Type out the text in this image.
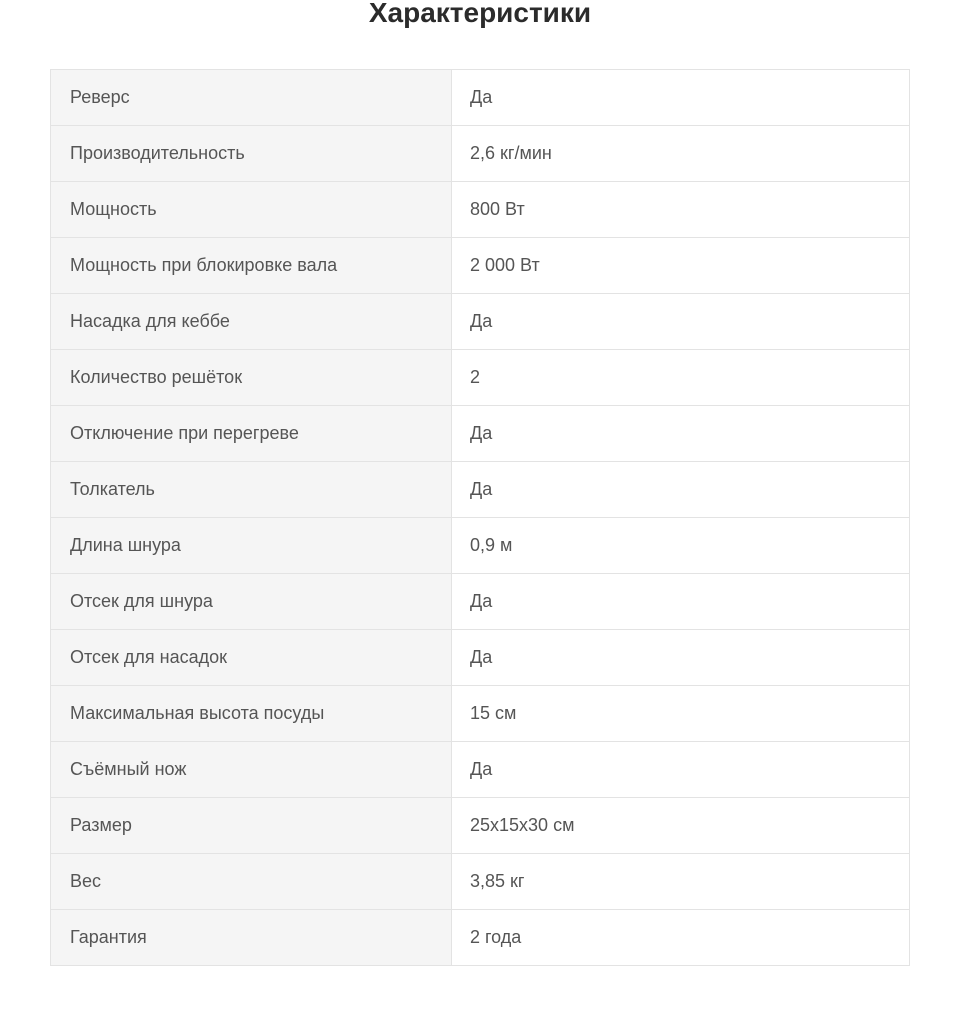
Характеристики
Реверс	Да
Производительность	2,6 кг/мин
Мощность	800 Вт
Мощность при блокировке вала	2 000 Вт
Насадка для кеббе	Да
Количество решёток	2
Отключение при перегреве	Да
Толкатель	Да
Длина шнура	0,9 м
Отсек для шнура	Да
Отсек для насадок	Да
Максимальная высота посуды	15 см
Съёмный нож	Да
Размер	25x15x30 см
Вес	3,85 кг
Гарантия	2 года
